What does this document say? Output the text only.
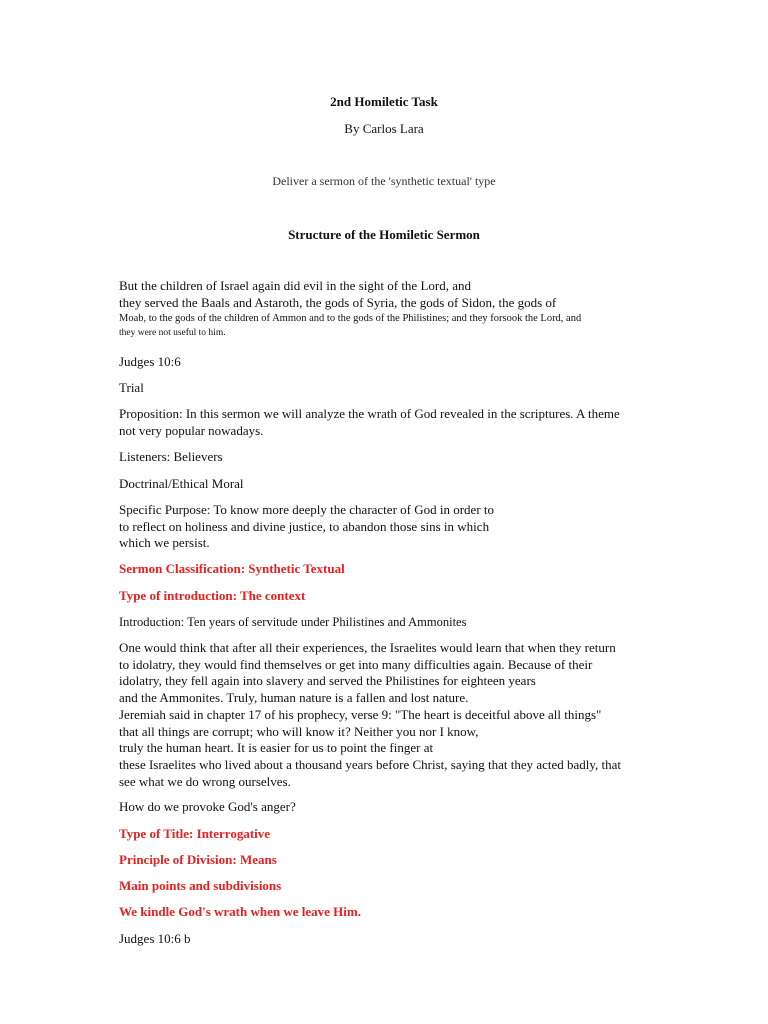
2nd Homiletic Task
By Carlos Lara
Deliver a sermon of the 'synthetic textual' type
Structure of the Homiletic Sermon
But the children of Israel again did evil in the sight of the Lord, and
they served the Baals and Astaroth, the gods of Syria, the gods of Sidon, the gods of
Moab, to the gods of the children of Ammon and to the gods of the Philistines; and they forsook the Lord, and
they were not useful to him.
Judges 10:6
Trial
Proposition: In this sermon we will analyze the wrath of God revealed in the scriptures. A theme
not very popular nowadays.
Listeners: Believers
Doctrinal/Ethical Moral
Specific Purpose: To know more deeply the character of God in order to
to reflect on holiness and divine justice, to abandon those sins in which
which we persist.
Sermon Classification: Synthetic Textual
Type of introduction: The context
Introduction: Ten years of servitude under Philistines and Ammonites
One would think that after all their experiences, the Israelites would learn that when they return
to idolatry, they would find themselves or get into many difficulties again. Because of their
idolatry, they fell again into slavery and served the Philistines for eighteen years
and the Ammonites. Truly, human nature is a fallen and lost nature.
Jeremiah said in chapter 17 of his prophecy, verse 9: "The heart is deceitful above all things"
that all things are corrupt; who will know it? Neither you nor I know,
truly the human heart. It is easier for us to point the finger at
these Israelites who lived about a thousand years before Christ, saying that they acted badly, that
see what we do wrong ourselves.
How do we provoke God's anger?
Type of Title: Interrogative
Principle of Division: Means
Main points and subdivisions
We kindle God's wrath when we leave Him.
Judges 10:6 b
